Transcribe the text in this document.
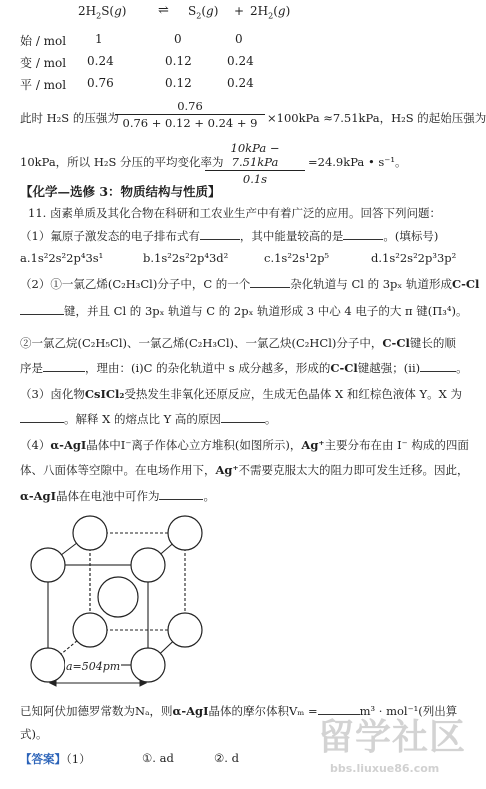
$2H_2S(g)$ ⇌ $S_2(g) + 2H_2(g)$
始 / mol 1	0	0
变 / mol 0.24	0.12	0.24
平 / mol 0.76	0.12	0.24
此时 H₂S 的压强为
$\frac{0.76}{0.76 + 0.12 + 0.24 + 9} \times 100kPa \approx 7.51kPa$，H₂S 的起始压强为
10kPa，所以 H₂S 分压的平均变化率为
10kPa − 7.51kPa
0.1s
=24.9kPa • s⁻¹。
【化学—选修 3：物质结构与性质】
11. 卤素单质及其化合物在科研和工农业生产中有着广泛的应用。回答下列问题：
（1）氟原子激发态的电子排布式有	，其中能量较高的是	。(填标号)
a.1s²2s²2p⁴3s¹	b.1s²2s²2p⁴3d²	c.1s²2s¹2p⁵	d.1s²2s²2p³3p²
（2）①一氯乙烯(C₂H₃Cl)分子中，C 的一个	杂化轨道与 Cl 的 3pₓ 轨道形成C-Cl
键，并且 Cl 的 3pₓ 轨道与 C 的 2pₓ 轨道形成 3 中心 4 电子的大 π 键(Π₃⁴)。
②一氯乙烷(C₂H₅Cl)、一氯乙烯(C₂H₃Cl)、一氯乙炔(C₂HCl)分子中，C-Cl键长的顺
序是	，理由：(i)C 的杂化轨道中 s 成分越多，形成的C-Cl键越强；(ii)	。
（3）卤化物CsICl₂受热发生非氧化还原反应，生成无色晶体 X 和红棕色液体 Y。X 为
。解释 X 的熔点比 Y 高的原因	。
（4）α-AgI晶体中I⁻离子作体心立方堆积(如图所示)，Ag⁺主要分布在由 I⁻ 构成的四面
体、八面体等空隙中。在电场作用下，Ag⁺不需要克服太大的阻力即可发生迁移。因此，
α-AgI晶体在电池中可作为	。
a=504pm
已知阿伏加德罗常数为Nₐ，则α-AgI晶体的摩尔体积Vₘ =	m³ · mol⁻¹(列出算
式)。
【答案】（1）	①. ad	②. d 留学社区
bbs.liuxue86.com
